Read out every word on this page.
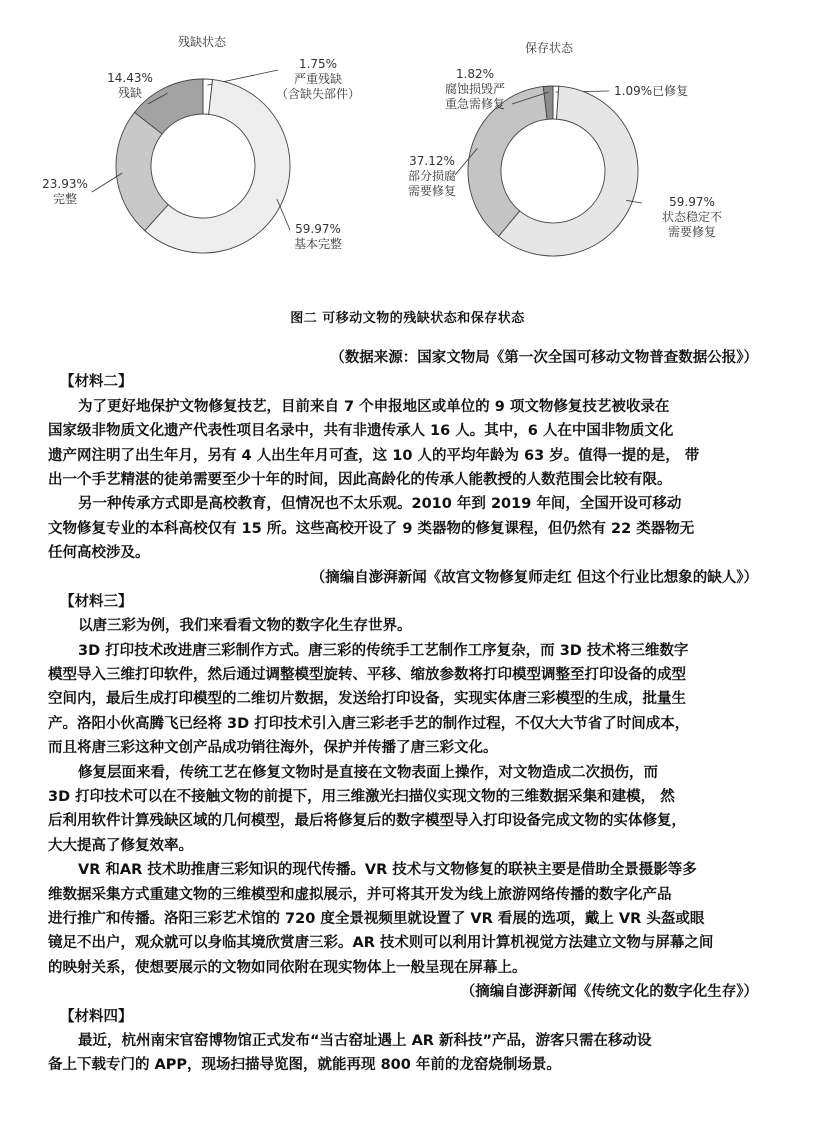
残缺状态
1.75%
严重残缺
（含缺失部件）
59.97%
基本完整
23.93%
完整
14.43%
残缺
保存状态
1.09%已修复
59.97%
状态稳定不
需要修复
37.12%
部分损腐
需要修复
1.82%
腐蚀损毁严
重急需修复
图二 可移动文物的残缺状态和保存状态
（数据来源：国家文物局《第一次全国可移动文物普查数据公报》）
【材料二】
为了更好地保护文物修复技艺，目前来自 7 个申报地区或单位的 9 项文物修复技艺被收录在
国家级非物质文化遗产代表性项目名录中，共有非遗传承人 16 人。其中，6 人在中国非物质文化
遗产网注明了出生年月，另有 4 人出生年月可查，这 10 人的平均年龄为 63 岁。值得一提的是， 带
出一个手艺精湛的徒弟需要至少十年的时间，因此高龄化的传承人能教授的人数范围会比较有限。
另一种传承方式即是高校教育，但情况也不太乐观。2010 年到 2019 年间，全国开设可移动
文物修复专业的本科高校仅有 15 所。这些高校开设了 9 类器物的修复课程，但仍然有 22 类器物无
任何高校涉及。
（摘编自澎湃新闻《故宫文物修复师走红 但这个行业比想象的缺人》）
【材料三】
以唐三彩为例，我们来看看文物的数字化生存世界。
3D 打印技术改进唐三彩制作方式。唐三彩的传统手工艺制作工序复杂，而 3D 技术将三维数字
模型导入三维打印软件，然后通过调整模型旋转、平移、缩放参数将打印模型调整至打印设备的成型
空间内，最后生成打印模型的二维切片数据，发送给打印设备，实现实体唐三彩模型的生成，批量生
产。洛阳小伙高腾飞已经将 3D 打印技术引入唐三彩老手艺的制作过程，不仅大大节省了时间成本，
而且将唐三彩这种文创产品成功销往海外，保护并传播了唐三彩文化。
修复层面来看，传统工艺在修复文物时是直接在文物表面上操作，对文物造成二次损伤，而
3D 打印技术可以在不接触文物的前提下，用三维激光扫描仪实现文物的三维数据采集和建模， 然
后利用软件计算残缺区域的几何模型，最后将修复后的数字模型导入打印设备完成文物的实体修复，
大大提高了修复效率。
VR 和AR 技术助推唐三彩知识的现代传播。VR 技术与文物修复的联袂主要是借助全景摄影等多
维数据采集方式重建文物的三维模型和虚拟展示，并可将其开发为线上旅游网络传播的数字化产品
进行推广和传播。洛阳三彩艺术馆的 720 度全景视频里就设置了 VR 看展的选项，戴上 VR 头盔或眼
镜足不出户，观众就可以身临其境欣赏唐三彩。AR 技术则可以利用计算机视觉方法建立文物与屏幕之间
的映射关系，使想要展示的文物如同依附在现实物体上一般呈现在屏幕上。
（摘编自澎湃新闻《传统文化的数字化生存》）
【材料四】
最近，杭州南宋官窑博物馆正式发布“当古窑址遇上 AR 新科技”产品，游客只需在移动设
备上下载专门的 APP，现场扫描导览图，就能再现 800 年前的龙窑烧制场景。
